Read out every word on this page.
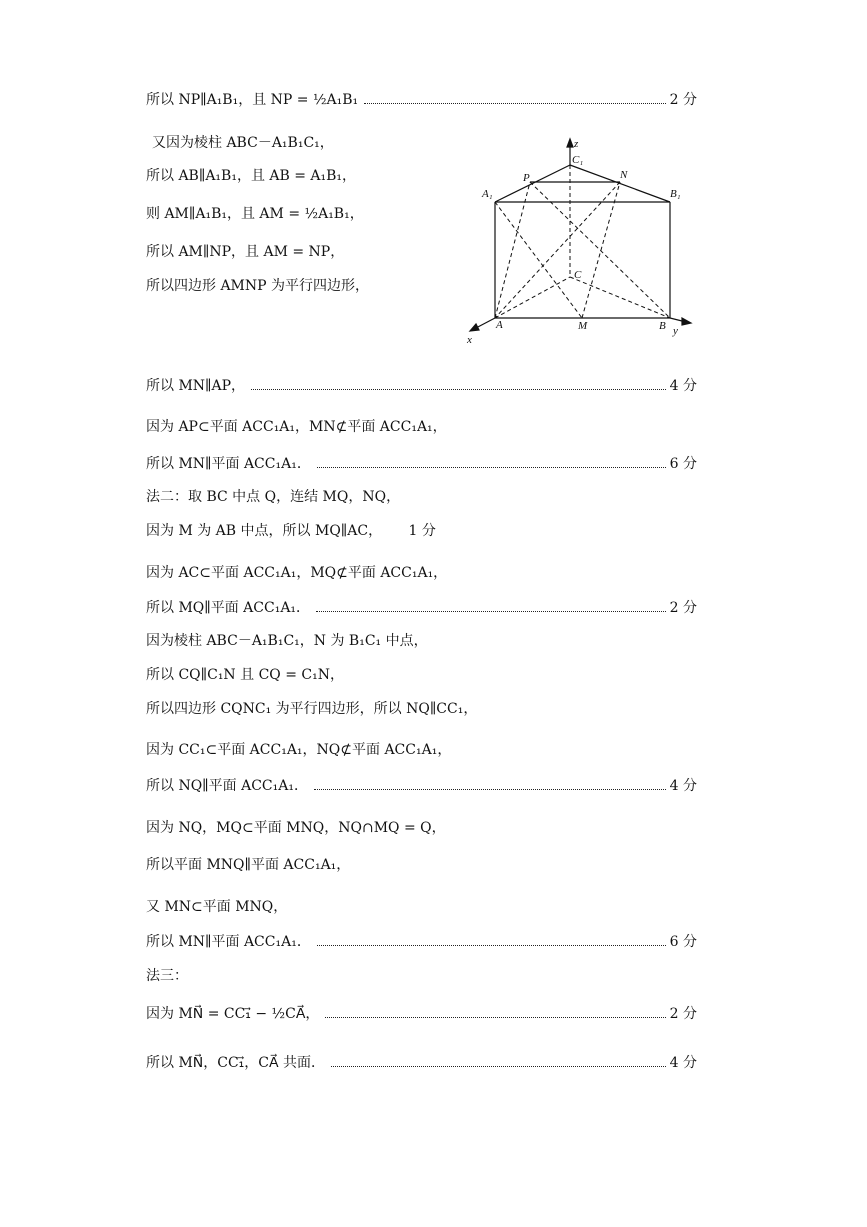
所以 NP∥A₁B₁，且 NP = ½A₁B₁	2 分
又因为棱柱 ABC－A₁B₁C₁，
所以 AB∥A₁B₁，且 AB = A₁B₁，
则 AM∥A₁B₁，且 AM = ½A₁B₁，
所以 AM∥NP，且 AM = NP，
所以四边形 AMNP 为平行四边形，
所以 MN∥AP，	4 分
因为 AP⊂平面 ACC₁A₁，MN⊄平面 ACC₁A₁，
所以 MN∥平面 ACC₁A₁．	6 分
法二：取 BC 中点 Q，连结 MQ，NQ，
因为 M 为 AB 中点，所以 MQ∥AC， 1 分
因为 AC⊂平面 ACC₁A₁，MQ⊄平面 ACC₁A₁，
所以 MQ∥平面 ACC₁A₁．	2 分
因为棱柱 ABC－A₁B₁C₁，N 为 B₁C₁ 中点，
所以 CQ∥C₁N 且 CQ = C₁N，
所以四边形 CQNC₁ 为平行四边形，所以 NQ∥CC₁，
因为 CC₁⊂平面 ACC₁A₁，NQ⊄平面 ACC₁A₁，
所以 NQ∥平面 ACC₁A₁．	4 分
因为 NQ，MQ⊂平面 MNQ，NQ∩MQ = Q，
所以平面 MNQ∥平面 ACC₁A₁，
又 MN⊂平面 MNQ，
所以 MN∥平面 ACC₁A₁．	6 分
法三：
因为 MN⃗ = CC₁⃗ − ½CA⃗，	2 分
所以 MN⃗，CC₁⃗，CA⃗ 共面．	4 分
z
C₁
N
P
A₁	B₁
C
A	M	B
x
y
